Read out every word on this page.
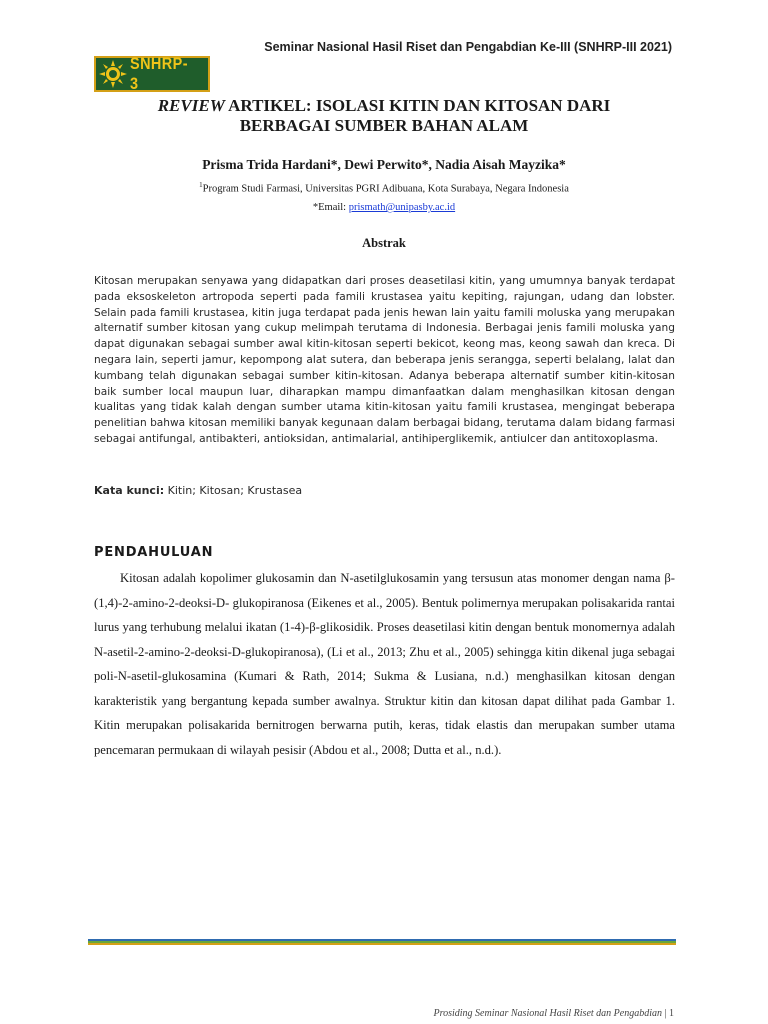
SNHRP-3
Seminar Nasional Hasil Riset dan Pengabdian Ke-III (SNHRP-III 2021)
REVIEW ARTIKEL: ISOLASI KITIN DAN KITOSAN DARI
BERBAGAI SUMBER BAHAN ALAM
Prisma Trida Hardani*, Dewi Perwito*, Nadia Aisah Mayzika*
$^1$Program Studi Farmasi, Universitas PGRI Adibuana, Kota Surabaya, Negara Indonesia
*Email: prismath@unipasby.ac.id
Abstrak

Kitosan merupakan senyawa yang didapatkan dari proses deasetilasi kitin, yang umumnya banyak terdapat pada eksoskeleton artropoda seperti pada famili krustasea yaitu kepiting, rajungan, udang dan lobster. Selain pada famili krustasea, kitin juga terdapat pada jenis hewan lain yaitu famili moluska yang merupakan alternatif sumber kitosan yang cukup melimpah terutama di Indonesia. Berbagai jenis famili moluska yang dapat digunakan sebagai sumber awal kitin-kitosan seperti bekicot, keong mas, keong sawah dan kreca. Di negara lain, seperti jamur, kepompong alat sutera, dan beberapa jenis serangga, seperti belalang, lalat dan kumbang telah digunakan sebagai sumber kitin-kitosan. Adanya beberapa alternatif sumber kitin-kitosan baik sumber local maupun luar, diharapkan mampu dimanfaatkan dalam menghasilkan kitosan dengan kualitas yang tidak kalah dengan sumber utama kitin-kitosan yaitu famili krustasea, mengingat beberapa penelitian bahwa kitosan memiliki banyak kegunaan dalam berbagai bidang, terutama dalam bidang farmasi sebagai antifungal, antibakteri, antioksidan, antimalarial, antihiperglikemik, antiulcer dan antitoxoplasma.

Kata kunci: Kitin; Kitosan; Krustasea
PENDAHULUAN

Kitosan adalah kopolimer glukosamin dan N-asetilglukosamin yang tersusun atas monomer dengan nama β-(1,4)-2-amino-2-deoksi-D- glukopiranosa (Eikenes et al., 2005). Bentuk polimernya merupakan polisakarida rantai lurus yang terhubung melalui ikatan (1-4)-β-glikosidik. Proses deasetilasi kitin dengan bentuk monomernya adalah N-asetil-2-amino-2-deoksi-D-glukopiranosa), (Li et al., 2013; Zhu et al., 2005) sehingga kitin dikenal juga sebagai poli-N-asetil-glukosamina (Kumari & Rath, 2014; Sukma & Lusiana, n.d.) menghasilkan kitosan dengan karakteristik yang bergantung kepada sumber awalnya. Struktur kitin dan kitosan dapat dilihat pada Gambar 1. Kitin merupakan polisakarida bernitrogen berwarna putih, keras, tidak elastis dan merupakan sumber utama pencemaran permukaan di wilayah pesisir (Abdou et al., 2008; Dutta et al., n.d.).

Prosiding Seminar Nasional Hasil Riset dan Pengabdian | 1
